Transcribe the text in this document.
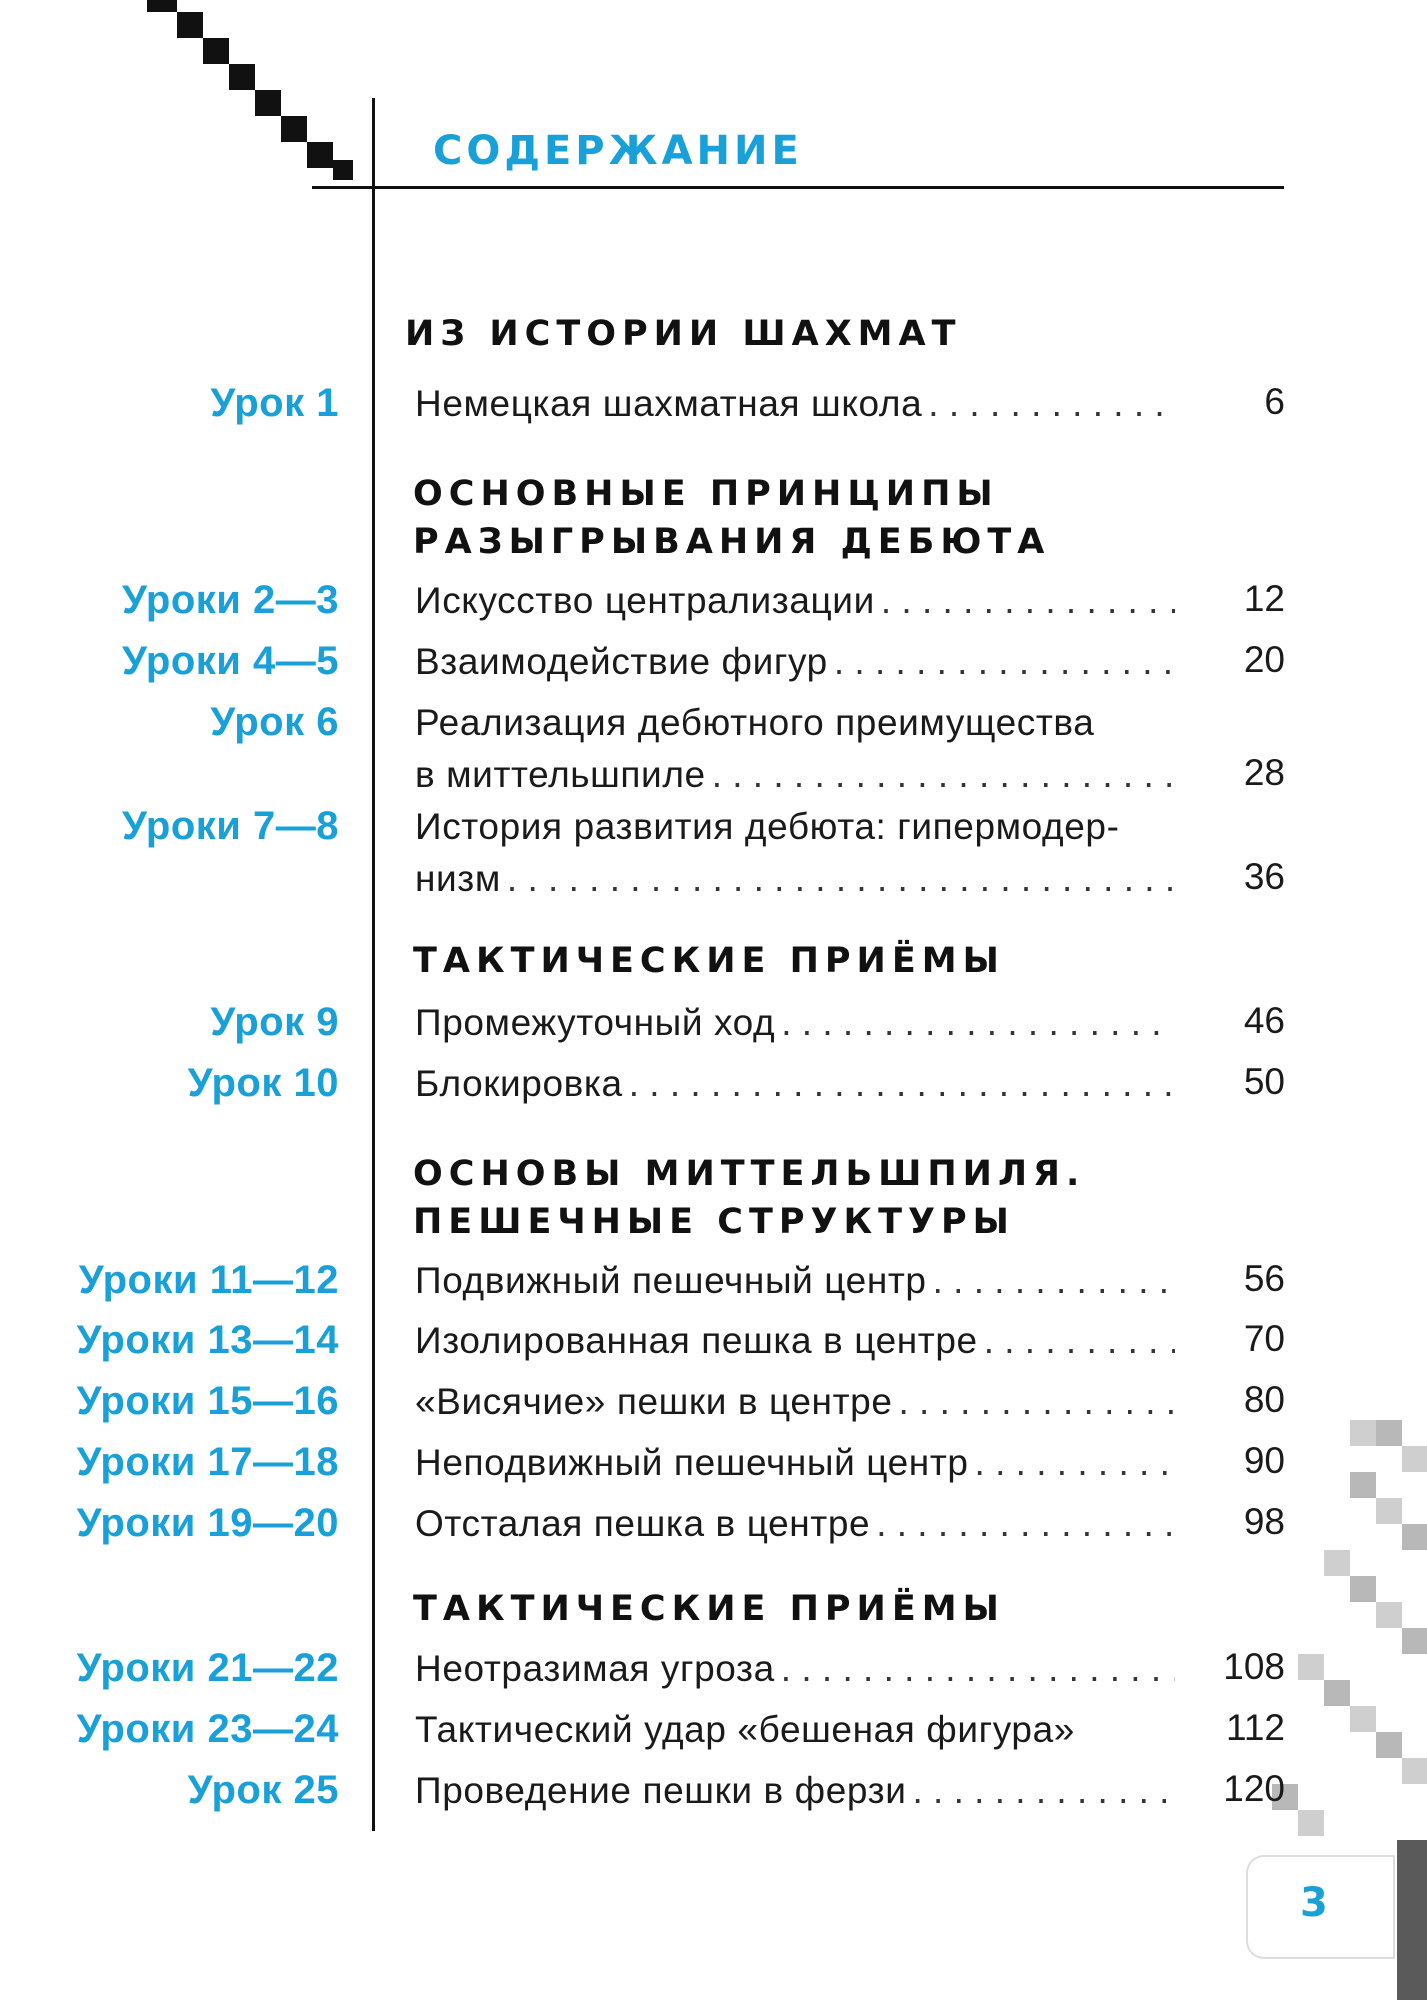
СОДЕРЖАНИЕ
ИЗ ИСТОРИИ ШАХМАТ
ОСНОВНЫЕ ПРИНЦИПЫ
РАЗЫГРЫВАНИЯ ДЕБЮТА
ТАКТИЧЕСКИЕ ПРИЁМЫ
ОСНОВЫ МИТТЕЛЬШПИЛЯ.
ПЕШЕЧНЫЕ СТРУКТУРЫ
ТАКТИЧЕСКИЕ ПРИЁМЫ
Урок 1 Немецкая шахматная школа . . .	6
Уроки 2—3 Искусство централизации . . .	12
Уроки 4—5 Взаимодействие фигур . . .	20
Урок 6 Реализация дебютного преимущества
в миттельшпиле . . .	28
Уроки 7—8 История развития дебюта: гипермодер-
низм . . .	36
Урок 9 Промежуточный ход . . .	46
Урок 10 Блокировка . . .	50
Уроки 11—12 Подвижный пешечный центр . . .	56
Уроки 13—14 Изолированная пешка в центре . . .	70
Уроки 15—16 «Висячие» пешки в центре . . .	80
Уроки 17—18 Неподвижный пешечный центр . . .	90
Уроки 19—20 Отсталая пешка в центре . . .	98
Уроки 21—22 Неотразимая угроза . . .	108
Уроки 23—24 Тактический удар «бешеная фигура»	112
Урок 25 Проведение пешки в ферзи . . .	120
3
